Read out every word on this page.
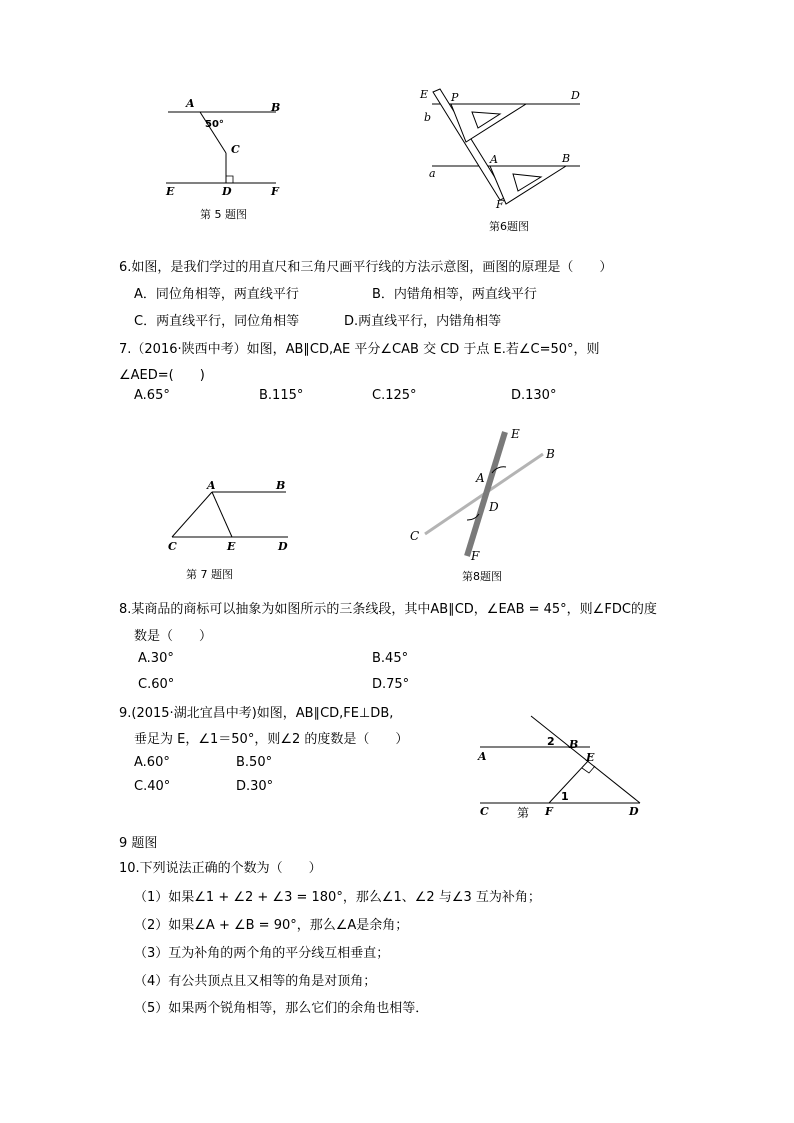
A	B
50°
C
E	D	F
第 5 题图
E P	D
b
A	B
a
F
第6题图
6.如图，是我们学过的用直尺和三角尺画平行线的方法示意图，画图的原理是（　　）
A．同位角相等，两直线平行	B．内错角相等，两直线平行
C．两直线平行，同位角相等	D.两直线平行，内错角相等
7.（2016·陕西中考）如图，AB∥CD,AE 平分∠CAB 交 CD 于点 E.若∠C=50°，则
∠AED=(　　)
A.65°	B.115°	C.125°	D.130°
A	B
C	E	D
第 7 题图
E
B
A
D
C
F
第8题图
8.某商品的商标可以抽象为如图所示的三条线段，其中AB∥CD，∠EAB = 45°，则∠FDC的度
数是（　　）
A.30°	B.45°
C.60°	D.75°
9.(2015·湖北宜昌中考)如图，AB∥CD,FE⊥DB,
垂足为 E，∠1＝50°，则∠2 的度数是（　　）
A.60°	B.50°
C.40°	D.30°
A
2 B
E
1
C 第 F	D
9 题图
10.下列说法正确的个数为（　　）
（1）如果∠1 + ∠2 + ∠3 = 180°，那么∠1、∠2 与∠3 互为补角；
（2）如果∠A + ∠B = 90°，那么∠A是余角；
（3）互为补角的两个角的平分线互相垂直；
（4）有公共顶点且又相等的角是对顶角；
（5）如果两个锐角相等，那么它们的余角也相等．
